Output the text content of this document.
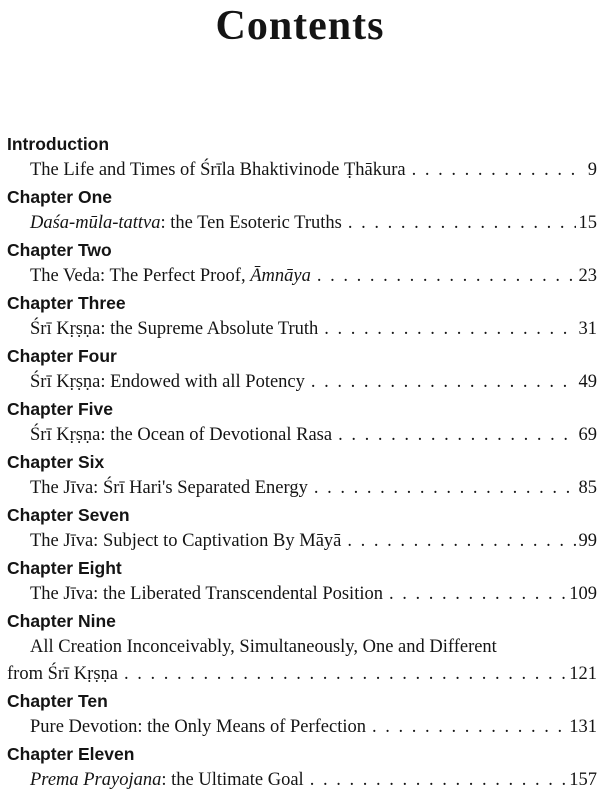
Contents
Introduction
The Life and Times of Śrīla Bhaktivinode Ṭhākura . . .	9
Chapter One
Daśa-mūla-tattva: the Ten Esoteric Truths . . .	15
Chapter Two
The Veda: The Perfect Proof, Āmnāya . . .	23
Chapter Three
Śrī Kṛṣṇa: the Supreme Absolute Truth . . .	31
Chapter Four
Śrī Kṛṣṇa: Endowed with all Potency . . .	49
Chapter Five
Śrī Kṛṣṇa: the Ocean of Devotional Rasa . . .	69
Chapter Six
The Jīva: Śrī Hari's Separated Energy . . .	85
Chapter Seven
The Jīva: Subject to Captivation By Māyā . . .	99
Chapter Eight
The Jīva: the Liberated Transcendental Position . . .	109
Chapter Nine
All Creation Inconceivably, Simultaneously, One and Different
from Śrī Kṛṣṇa . . .	121
Chapter Ten
Pure Devotion: the Only Means of Perfection . . .	131
Chapter Eleven
Prema Prayojana: the Ultimate Goal . . .	157
